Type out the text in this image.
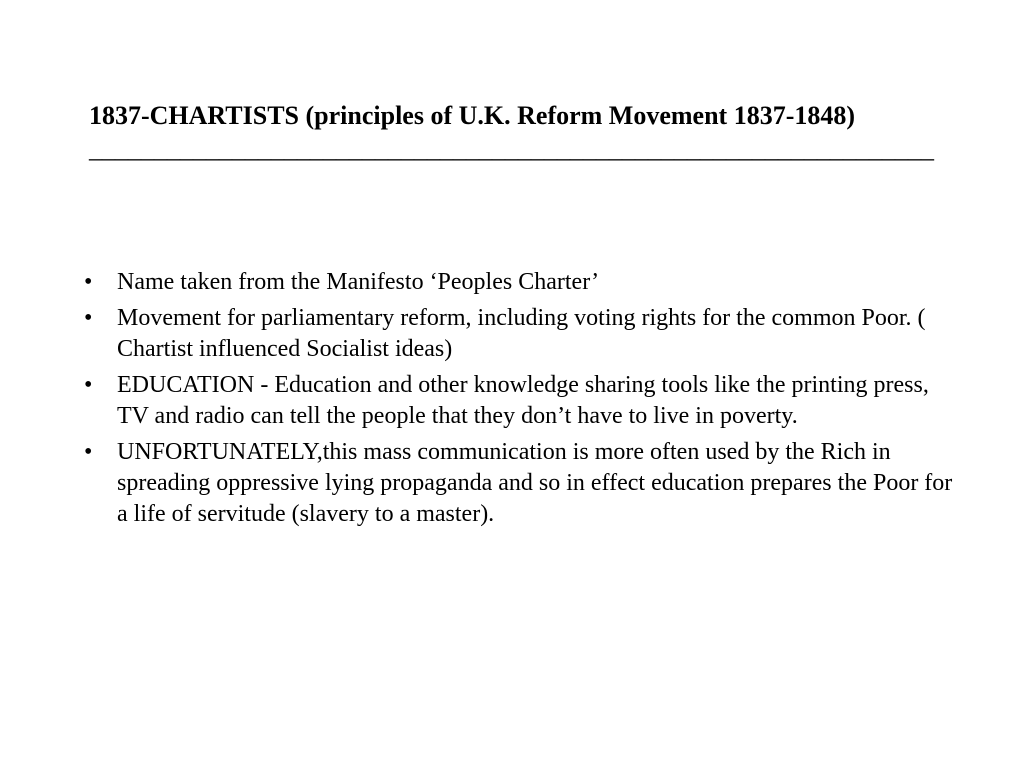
1837-CHARTISTS (principles of U.K. Reform Movement 1837-1848)
_________________________________________________________________
• Name taken from the Manifesto ‘Peoples Charter’
• Movement for parliamentary reform, including voting rights for the common Poor. ( Chartist influenced Socialist ideas)
• EDUCATION - Education and other knowledge sharing tools like the printing press, TV and radio can tell the people that they don’t have to live in poverty.
• UNFORTUNATELY,this mass communication is more often used by the Rich in spreading oppressive lying propaganda and so in effect education prepares the Poor for a life of servitude (slavery to a master).
